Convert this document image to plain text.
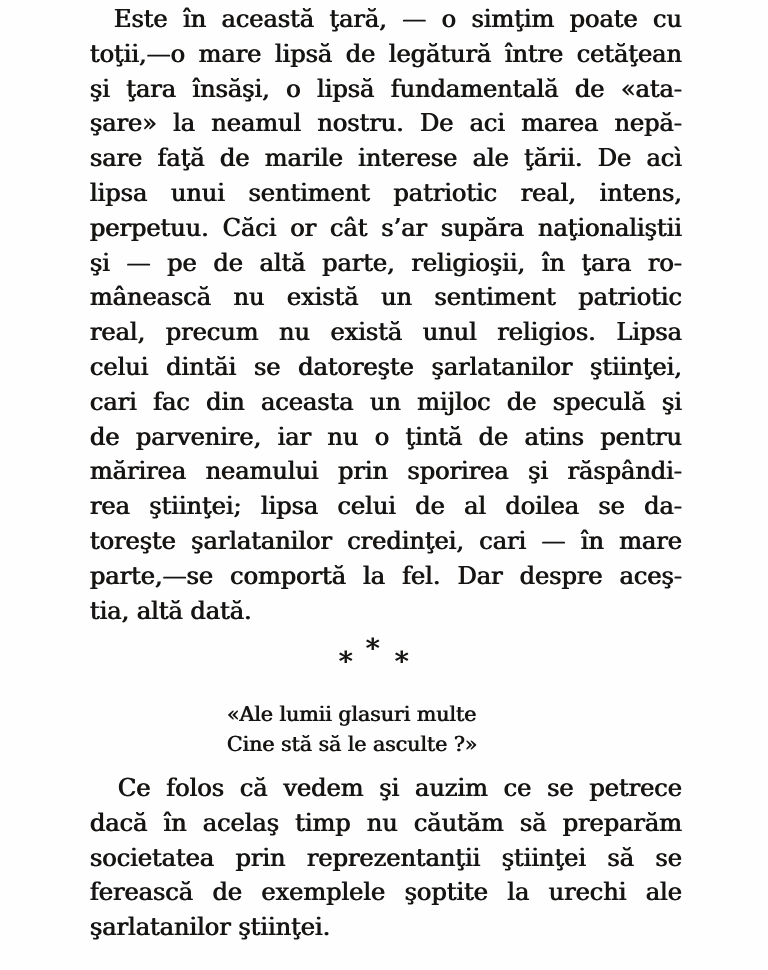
Este în această ţară, — o simţim poate cu
toţii,—o mare lipsă de legătură între cetăţean
şi ţara însăşi, o lipsă fundamentală de «ata-
şare» la neamul nostru. De aci marea nepă-
sare faţă de marile interese ale ţării. De acì
lipsa unui sentiment patriotic real, intens,
perpetuu. Căci or cât s’ar supăra naţionaliştii
şi — pe de altă parte, religioşii, în ţara ro-
mânească nu există un sentiment patriotic
real, precum nu există unul religios. Lipsa
celui dintăi se datoreşte şarlatanilor ştiinţei,
cari fac din aceasta un mijloc de speculă şi
de parvenire, iar nu o ţintă de atins pentru
mărirea neamului prin sporirea şi răspândi-
rea ştiinţei; lipsa celui de al doilea se da-
toreşte şarlatanilor credinţei, cari — în mare
parte,—se comportă la fel. Dar despre aceş-
tia, altă dată.
*
* *
«Ale lumii glasuri multe
Cine stă să le asculte ?»
Ce folos că vedem şi auzim ce se petrece
dacă în acelaş timp nu căutăm să preparăm
societatea prin reprezentanţii ştiinţei să se
ferească de exemplele şoptite la urechi ale
şarlatanilor ştiinţei.
